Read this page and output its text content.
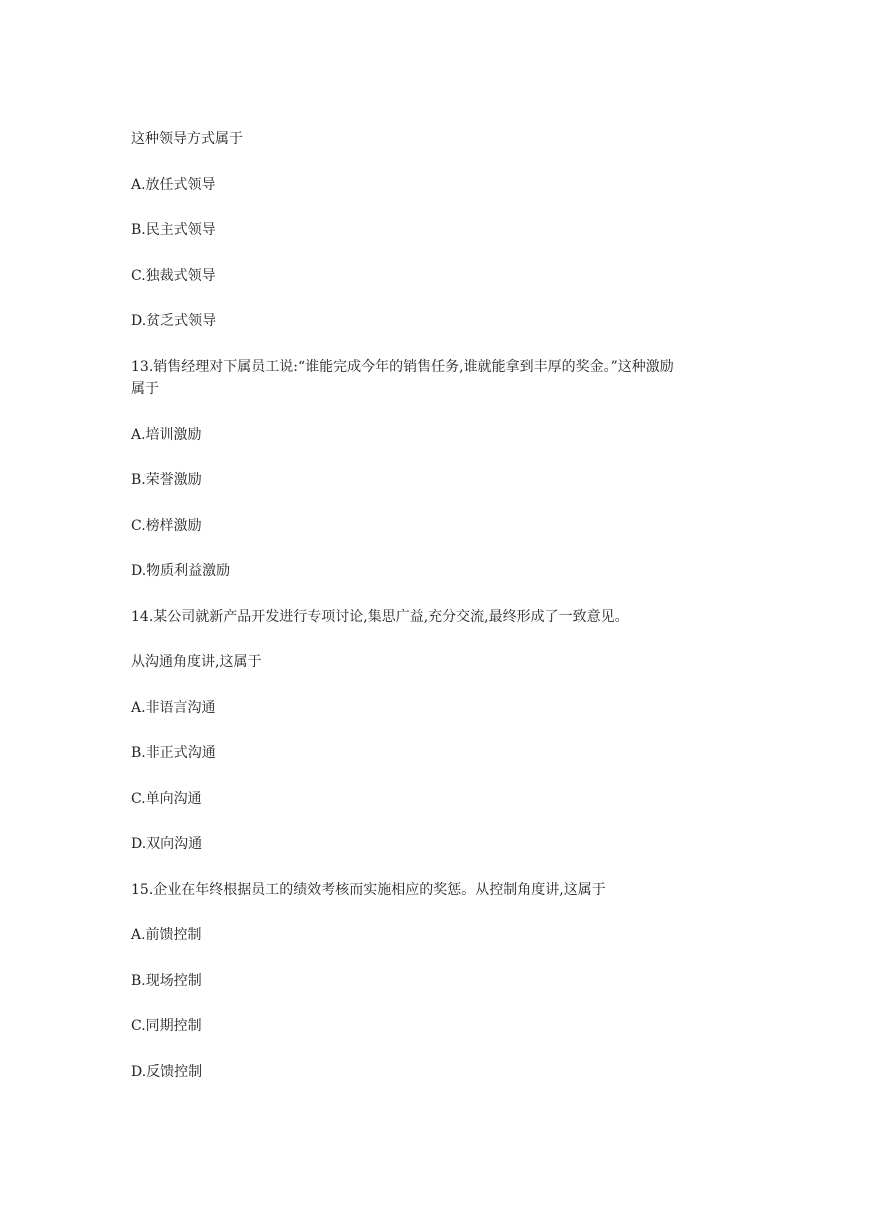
这种领导方式属于
A.放任式领导
B.民主式领导
C.独裁式领导
D.贫乏式领导
13.销售经理对下属员工说:“谁能完成今年的销售任务,谁就能拿到丰厚的奖金。”这种激励
属于
A.培训激励
B.荣誉激励
C.榜样激励
D.物质利益激励
14.某公司就新产品开发进行专项讨论,集思广益,充分交流,最终形成了一致意见。
从沟通角度讲,这属于
A.非语言沟通
B.非正式沟通
C.单向沟通
D.双向沟通
15.企业在年终根据员工的绩效考核而实施相应的奖惩。从控制角度讲,这属于
A.前馈控制
B.现场控制
C.同期控制
D.反馈控制
